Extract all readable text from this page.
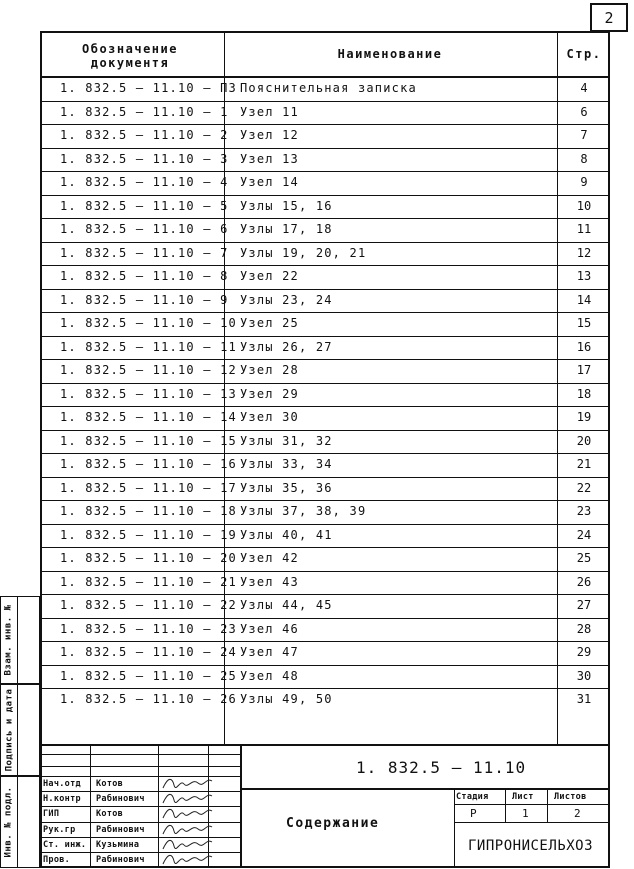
2
Взам. инв. №
Подпись и дата
Инв. № подл.
Обозначение документя
Наименование	Стр.
1. 832.5 – 11.10 – ПЗ Пояснительная записка	4
1. 832.5 – 11.10 – 1 Узел 11	6
1. 832.5 – 11.10 – 2 Узел 12	7
1. 832.5 – 11.10 – 3 Узел 13	8
1. 832.5 – 11.10 – 4 Узел 14	9
1. 832.5 – 11.10 – 5 Узлы 15, 16	10
1. 832.5 – 11.10 – 6 Узлы 17, 18	11
1. 832.5 – 11.10 – 7 Узлы 19, 20, 21	12
1. 832.5 – 11.10 – 8 Узел 22	13
1. 832.5 – 11.10 – 9 Узлы 23, 24	14
1. 832.5 – 11.10 – 10 Узел 25	15
1. 832.5 – 11.10 – 11 Узлы 26, 27	16
1. 832.5 – 11.10 – 12 Узел 28	17
1. 832.5 – 11.10 – 13 Узел 29	18
1. 832.5 – 11.10 – 14 Узел 30	19
1. 832.5 – 11.10 – 15 Узлы 31, 32	20
1. 832.5 – 11.10 – 16 Узлы 33, 34	21
1. 832.5 – 11.10 – 17 Узлы 35, 36	22
1. 832.5 – 11.10 – 18 Узлы 37, 38, 39	23
1. 832.5 – 11.10 – 19 Узлы 40, 41	24
1. 832.5 – 11.10 – 20 Узел 42	25
1. 832.5 – 11.10 – 21 Узел 43	26
1. 832.5 – 11.10 – 22 Узлы 44, 45	27
1. 832.5 – 11.10 – 23 Узел 46	28
1. 832.5 – 11.10 – 24 Узел 47	29
1. 832.5 – 11.10 – 25 Узел 48	30
1. 832.5 – 11.10 – 26 Узлы 49, 50	31
1. 832.5 – 11.10
Содержание
Стадия	Лист Листов
Р	1	2
ГИПРОНИСЕЛЬХОЗ
Нач.отд Котов
Н.контр Рабинович
ГИП	Котов
Рук.гр Рабинович
Ст. инж. Кузьмина
Пров.	Рабинович
